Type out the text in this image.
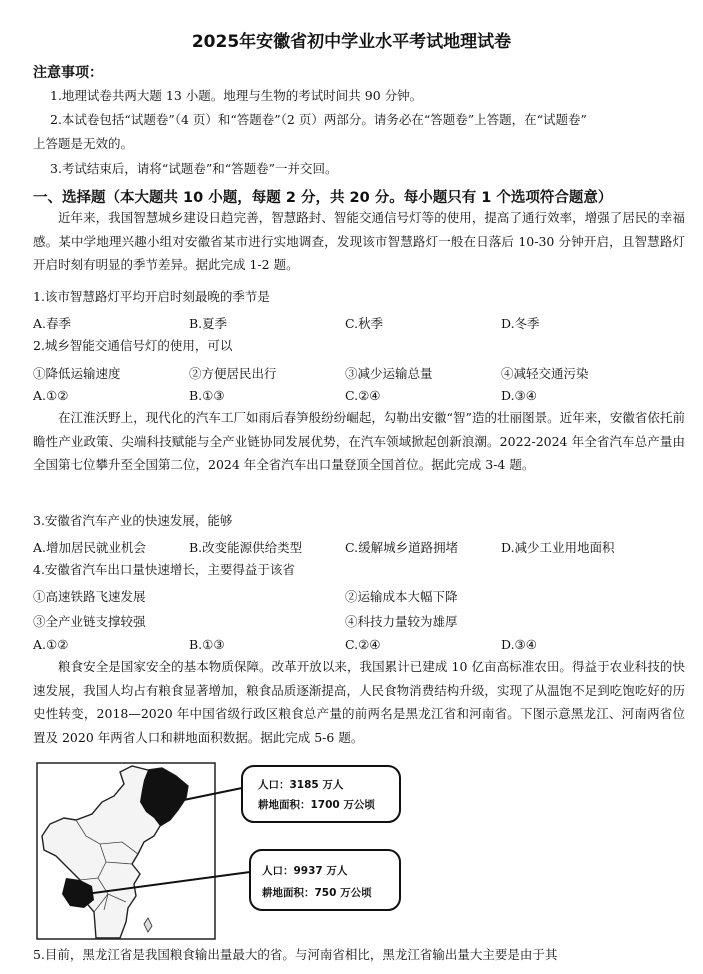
2025年安徽省初中学业水平考试地理试卷
注意事项：
1.地理试卷共两大题 13 小题。地理与生物的考试时间共 90 分钟。
2.本试卷包括“试题卷”（4 页）和“答题卷”（2 页）两部分。请务必在“答题卷”上答题，在“试题卷”
上答题是无效的。
3.考试结束后，请将“试题卷”和“答题卷”一并交回。
一、选择题（本大题共 10 小题，每题 2 分，共 20 分。每小题只有 1 个选项符合题意）
近年来，我国智慧城乡建设日趋完善，智慧路封、智能交通信号灯等的使用，提高了通行效率，增强了居民的幸福感。某中学地理兴趣小组对安徽省某市进行实地调查，发现该市智慧路灯一般在日落后 10-30 分钟开启，且智慧路灯开启时刻有明显的季节差异。据此完成 1-2 题。
1.该市智慧路灯平均开启时刻最晚的季节是
A.春季	B.夏季	C.秋季	D.冬季
2.城乡智能交通信号灯的使用，可以
①降低运输速度	②方便居民出行	③减少运输总量	④减轻交通污染
A.①②	B.①③	C.②④	D.③④
在江淮沃野上，现代化的汽车工厂如雨后春笋般纷纷崛起，勾勒出安徽“智”造的壮丽图景。近年来，安徽省依托前瞻性产业政策、尖端科技赋能与全产业链协同发展优势，在汽车领域掀起创新浪潮。2022-2024 年全省汽车总产量由全国第七位攀升至全国第二位，2024 年全省汽车出口量登顶全国首位。据此完成 3-4 题。
3.安徽省汽车产业的快速发展，能够
A.增加居民就业机会	B.改变能源供给类型	C.缓解城乡道路拥堵	D.减少工业用地面积
4.安徽省汽车出口量快速增长，主要得益于该省
①高速铁路飞速发展	②运输成本大幅下降
③全产业链支撑较强	④科技力量较为雄厚
A.①②	B.①③	C.②④	D.③④
粮食安全是国家安全的基本物质保障。改革开放以来，我国累计已建成 10 亿亩高标准农田。得益于农业科技的快速发展，我国人均占有粮食显著增加，粮食品质逐渐提高，人民食物消费结构升级，实现了从温饱不足到吃饱吃好的历史性转变，2018—2020 年中国省级行政区粮食总产量的前两名是黑龙江省和河南省。下图示意黑龙江、河南两省位置及 2020 年两省人口和耕地面积数据。据此完成 5-6 题。
人口：3185 万人
耕地面积：1700 万公顷
人口：9937 万人
耕地面积：750 万公顷
5.目前，黑龙江省是我国粮食输出量最大的省。与河南省相比，黑龙江省输出量大主要是由于其
